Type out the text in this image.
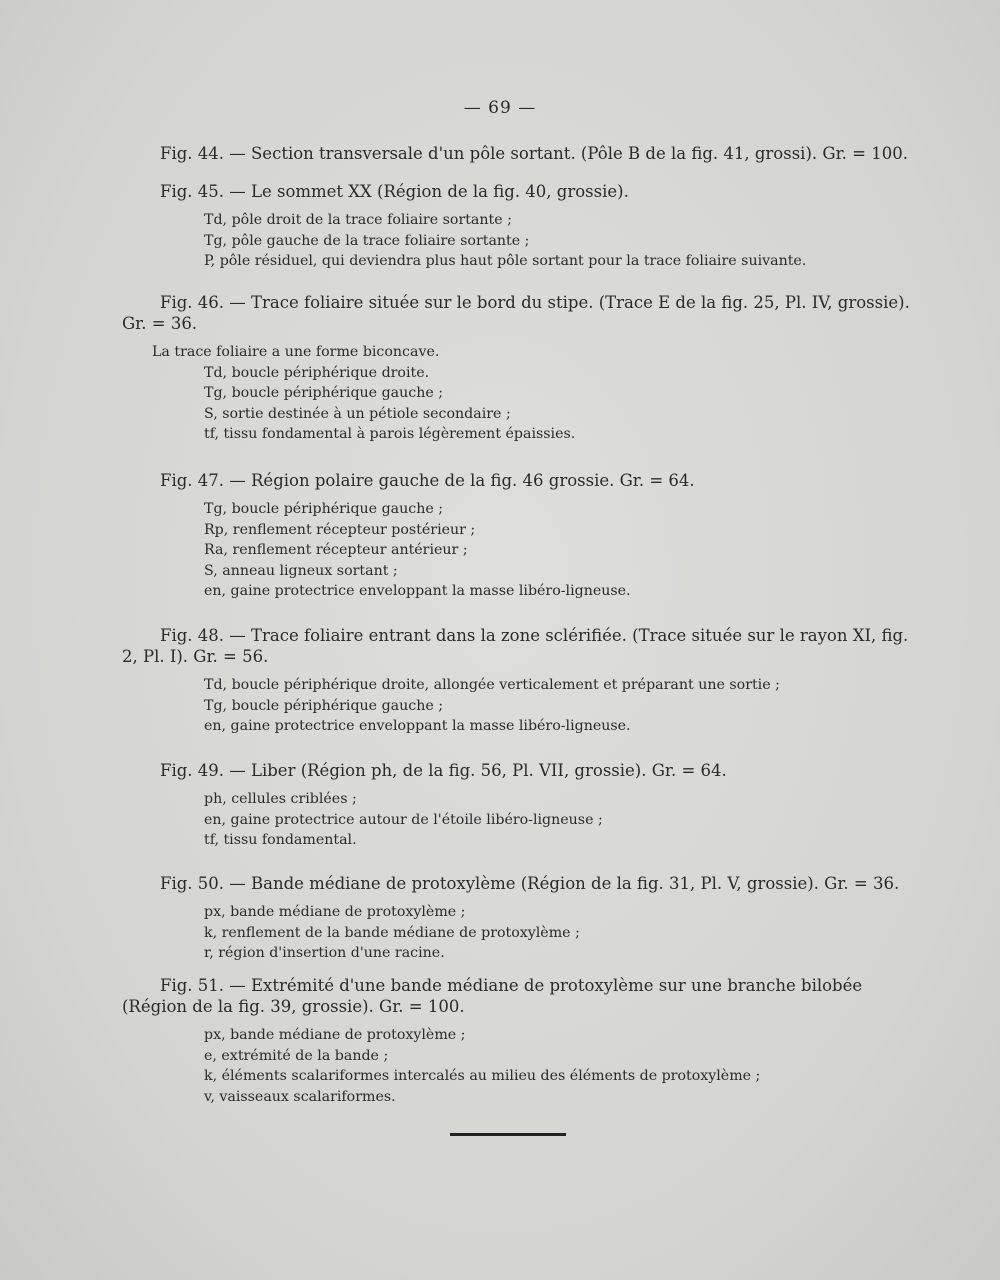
— 69 —
Fig. 44. — Section transversale d'un pôle sortant. (Pôle B de la fig. 41, grossi). Gr. = 100.
Fig. 45. — Le sommet XX (Région de la fig. 40, grossie).
Td, pôle droit de la trace foliaire sortante ;
Tg, pôle gauche de la trace foliaire sortante ;
P, pôle résiduel, qui deviendra plus haut pôle sortant pour la trace foliaire suivante.
Fig. 46. — Trace foliaire située sur le bord du stipe. (Trace E de la fig. 25, Pl. IV, grossie). Gr. = 36.
La trace foliaire a une forme biconcave.
Td, boucle périphérique droite.
Tg, boucle périphérique gauche ;
S, sortie destinée à un pétiole secondaire ;
tf, tissu fondamental à parois légèrement épaissies.
Fig. 47. — Région polaire gauche de la fig. 46 grossie. Gr. = 64.
Tg, boucle périphérique gauche ;
Rp, renflement récepteur postérieur ;
Ra, renflement récepteur antérieur ;
S, anneau ligneux sortant ;
en, gaine protectrice enveloppant la masse libéro-ligneuse.
Fig. 48. — Trace foliaire entrant dans la zone sclérifiée. (Trace située sur le rayon XI, fig. 2, Pl. I). Gr. = 56.
Td, boucle périphérique droite, allongée verticalement et préparant une sortie ;
Tg, boucle périphérique gauche ;
en, gaine protectrice enveloppant la masse libéro-ligneuse.
Fig. 49. — Liber (Région ph, de la fig. 56, Pl. VII, grossie). Gr. = 64.
ph, cellules criblées ;
en, gaine protectrice autour de l'étoile libéro-ligneuse ;
tf, tissu fondamental.
Fig. 50. — Bande médiane de protoxylème (Région de la fig. 31, Pl. V, grossie). Gr. = 36.
px, bande médiane de protoxylème ;
k, renflement de la bande médiane de protoxylème ;
r, région d'insertion d'une racine.
Fig. 51. — Extrémité d'une bande médiane de protoxylème sur une branche bilobée (Région de la fig. 39, grossie). Gr. = 100.
px, bande médiane de protoxylème ;
e, extrémité de la bande ;
k, éléments scalariformes intercalés au milieu des éléments de protoxylème ;
v, vaisseaux scalariformes.
